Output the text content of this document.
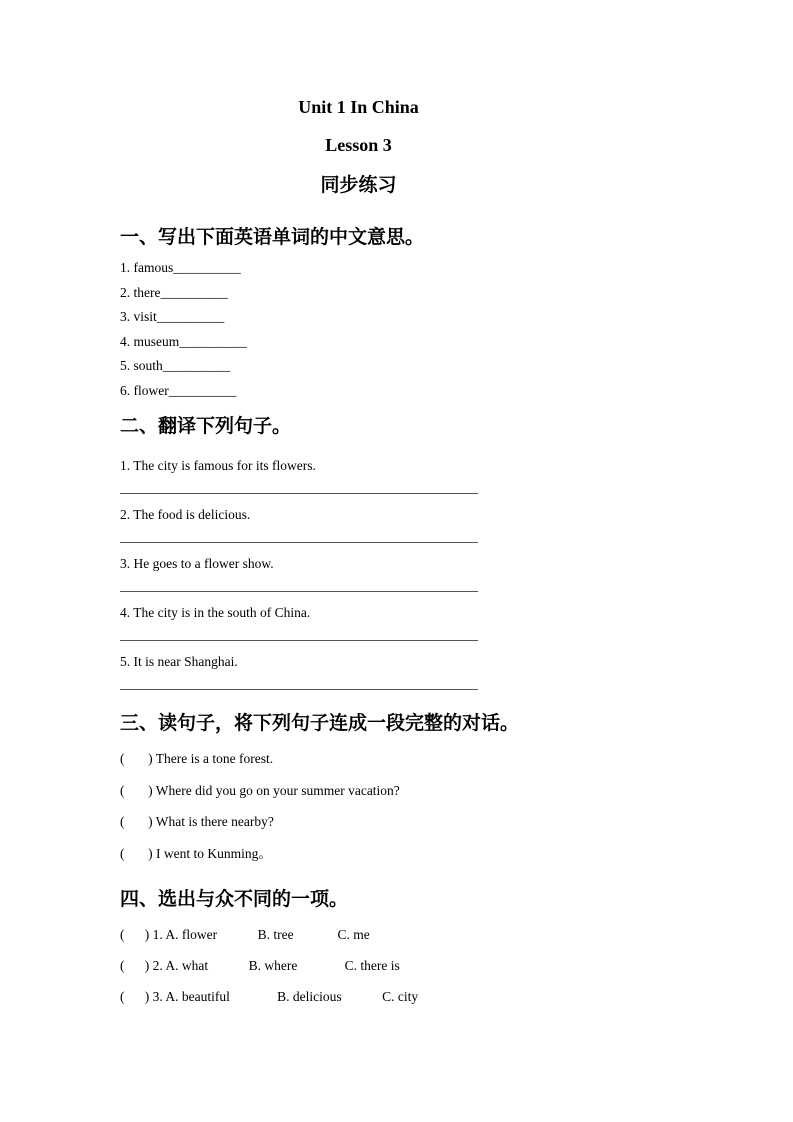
Unit 1 In China
Lesson 3
同步练习
一、写出下面英语单词的中文意思。
1. famous__________
2. there__________
3. visit__________
4. museum__________
5. south__________
6. flower__________
二、翻译下列句子。
1. The city is famous for its flowers.
2. The food is delicious.
3. He goes to a flower show.
4. The city is in the south of China.
5. It is near Shanghai.
三、读句子，将下列句子连成一段完整的对话。
(       ) There is a tone forest.
(       ) Where did you go on your summer vacation?
(       ) What is there nearby?
(       ) I went to Kunming。
四、选出与众不同的一项。
(      ) 1. A. flower            B. tree             C. me
(      ) 2. A. what            B. where              C. there is
(      ) 3. A. beautiful              B. delicious            C. city
